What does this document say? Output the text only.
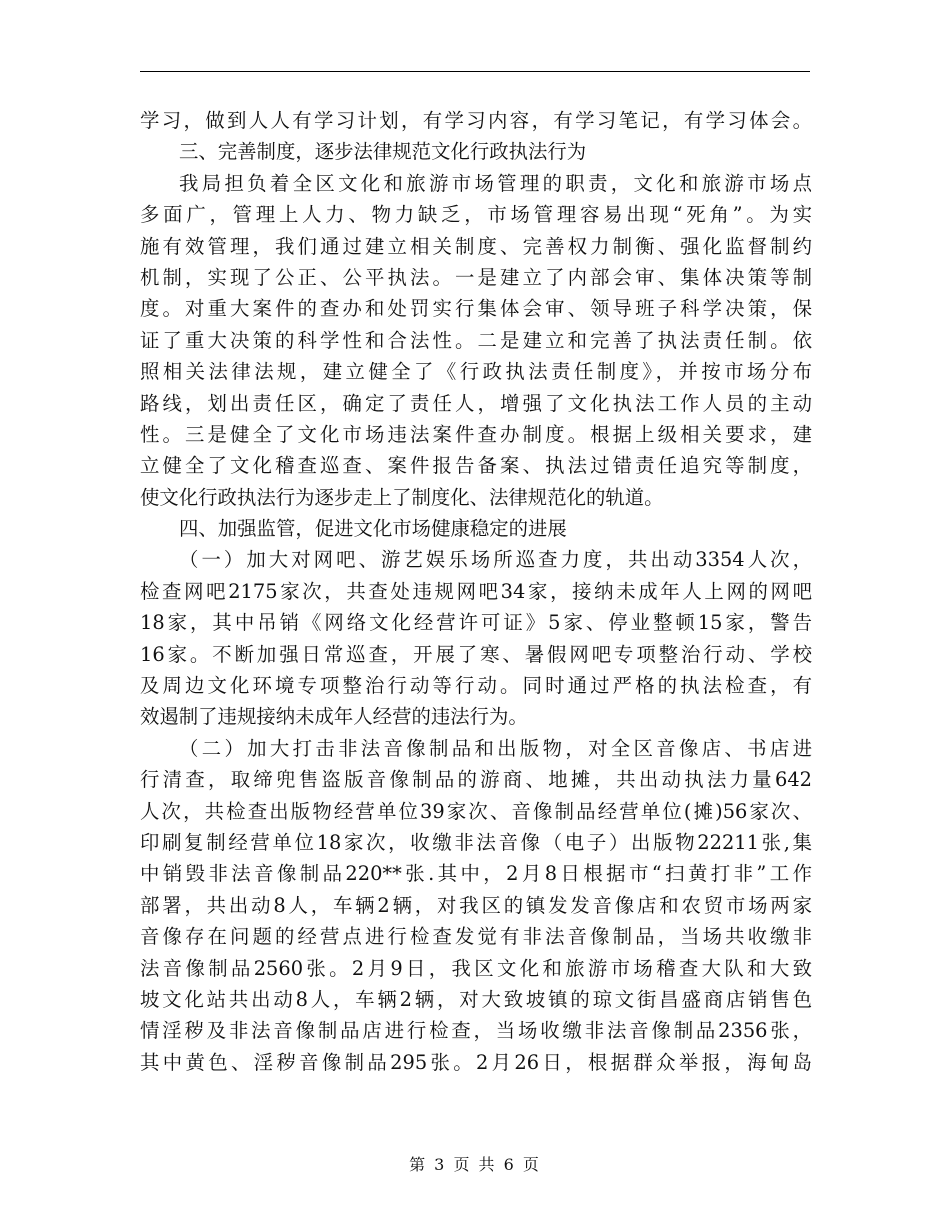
学习，做到人人有学习计划，有学习内容，有学习笔记，有学习体会。
三、完善制度，逐步法律规范文化行政执法行为
我局担负着全区文化和旅游市场管理的职责，文化和旅游市场点
多面广，管理上人力、物力缺乏，市场管理容易出现“死角”。为实
施有效管理，我们通过建立相关制度、完善权力制衡、强化监督制约
机制，实现了公正、公平执法。一是建立了内部会审、集体决策等制
度。对重大案件的查办和处罚实行集体会审、领导班子科学决策，保
证了重大决策的科学性和合法性。二是建立和完善了执法责任制。依
照相关法律法规，建立健全了《行政执法责任制度》，并按市场分布
路线，划出责任区，确定了责任人，增强了文化执法工作人员的主动
性。三是健全了文化市场违法案件查办制度。根据上级相关要求，建
立健全了文化稽查巡查、案件报告备案、执法过错责任追究等制度，
使文化行政执法行为逐步走上了制度化、法律规范化的轨道。
四、加强监管，促进文化市场健康稳定的进展
（一）加大对网吧、游艺娱乐场所巡查力度，共出动3354人次，
检查网吧2175家次，共查处违规网吧34家，接纳未成年人上网的网吧
18家，其中吊销《网络文化经营许可证》5家、停业整顿15家，警告
16家。不断加强日常巡查，开展了寒、暑假网吧专项整治行动、学校
及周边文化环境专项整治行动等行动。同时通过严格的执法检查，有
效遏制了违规接纳未成年人经营的违法行为。
（二）加大打击非法音像制品和出版物，对全区音像店、书店进
行清查，取缔兜售盗版音像制品的游商、地摊，共出动执法力量642
人次，共检查出版物经营单位39家次、音像制品经营单位(摊)56家次、
印刷复制经营单位18家次，收缴非法音像（电子）出版物22211张,集
中销毁非法音像制品220**张.其中，2月8日根据市“扫黄打非”工作
部署，共出动8人，车辆2辆，对我区的镇发发音像店和农贸市场两家
音像存在问题的经营点进行检查发觉有非法音像制品，当场共收缴非
法音像制品2560张。2月9日，我区文化和旅游市场稽查大队和大致
坡文化站共出动8人，车辆2辆，对大致坡镇的琼文街昌盛商店销售色
情淫秽及非法音像制品店进行检查，当场收缴非法音像制品2356张，
其中黄色、淫秽音像制品295张。2月26日，根据群众举报，海甸岛
第 3 页 共 6 页
